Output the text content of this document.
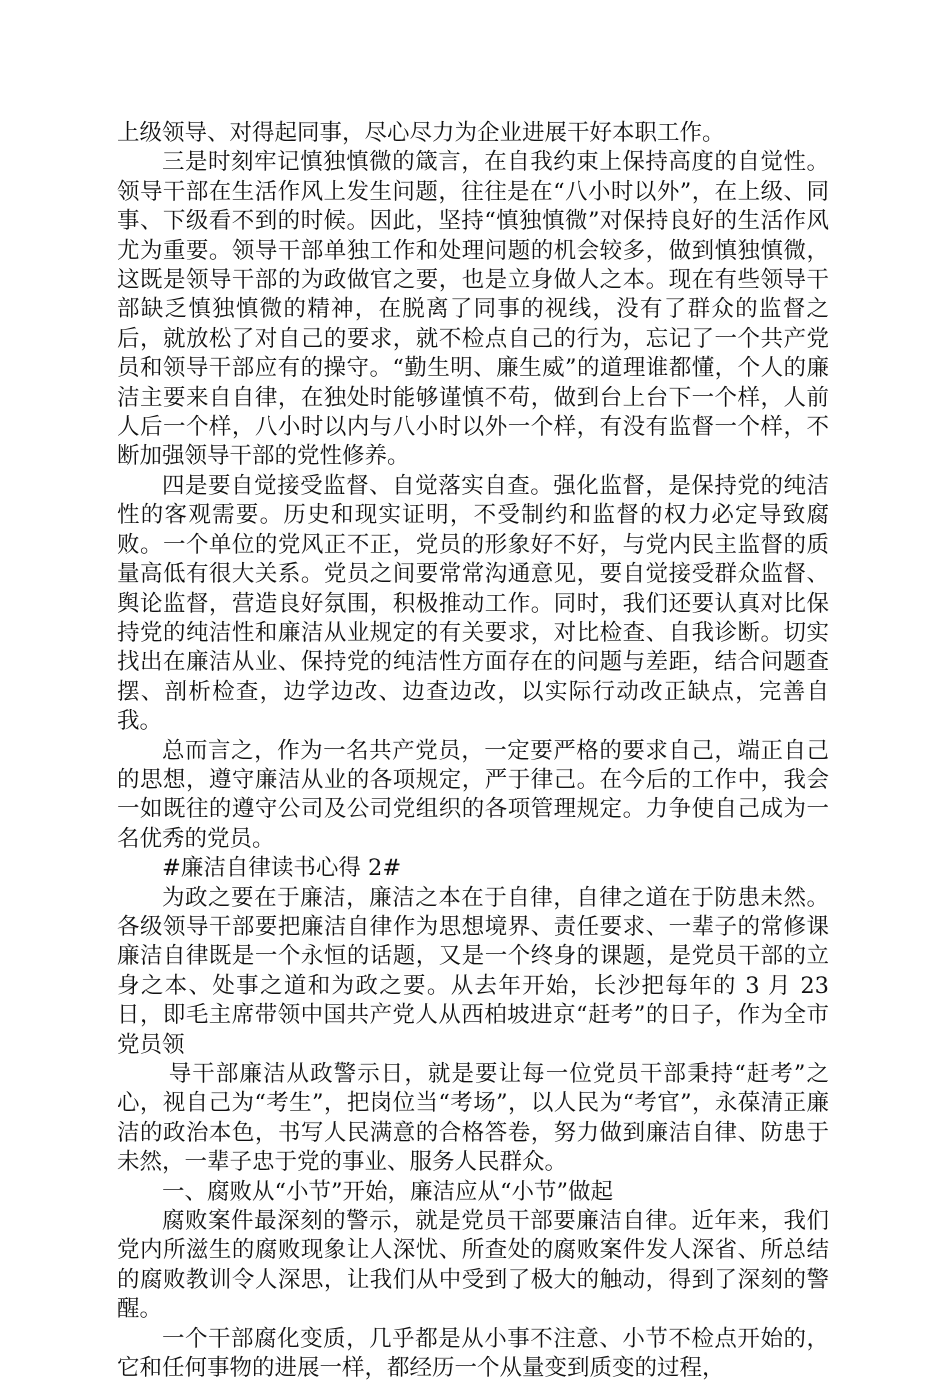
上级领导、对得起同事，尽心尽力为企业进展干好本职工作。

三是时刻牢记慎独慎微的箴言，在自我约束上保持高度的自觉性。领导干部在生活作风上发生问题，往往是在“八小时以外”，在上级、同事、下级看不到的时候。因此，坚持“慎独慎微”对保持良好的生活作风尤为重要。领导干部单独工作和处理问题的机会较多，做到慎独慎微，这既是领导干部的为政做官之要，也是立身做人之本。现在有些领导干部缺乏慎独慎微的精神，在脱离了同事的视线，没有了群众的监督之后，就放松了对自己的要求，就不检点自己的行为，忘记了一个共产党员和领导干部应有的操守。“勤生明、廉生威”的道理谁都懂，个人的廉洁主要来自自律，在独处时能够谨慎不苟，做到台上台下一个样，人前人后一个样，八小时以内与八小时以外一个样，有没有监督一个样，不断加强领导干部的党性修养。

四是要自觉接受监督、自觉落实自查。强化监督，是保持党的纯洁性的客观需要。历史和现实证明，不受制约和监督的权力必定导致腐败。一个单位的党风正不正，党员的形象好不好，与党内民主监督的质量高低有很大关系。党员之间要常常沟通意见，要自觉接受群众监督、舆论监督，营造良好氛围，积极推动工作。同时，我们还要认真对比保持党的纯洁性和廉洁从业规定的有关要求，对比检查、自我诊断。切实找出在廉洁从业、保持党的纯洁性方面存在的问题与差距，结合问题查摆、剖析检查，边学边改、边查边改，以实际行动改正缺点，完善自我。

总而言之，作为一名共产党员，一定要严格的要求自己，端正自己的思想，遵守廉洁从业的各项规定，严于律己。在今后的工作中，我会一如既往的遵守公司及公司党组织的各项管理规定。力争使自己成为一名优秀的党员。

#廉洁自律读书心得 2#

为政之要在于廉洁，廉洁之本在于自律，自律之道在于防患未然。各级领导干部要把廉洁自律作为思想境界、责任要求、一辈子的常修课廉洁自律既是一个永恒的话题，又是一个终身的课题，是党员干部的立身之本、处事之道和为政之要。从去年开始，长沙把每年的 3 月 23 日，即毛主席带领中国共产党人从西柏坡进京“赶考”的日子，作为全市党员领

导干部廉洁从政警示日，就是要让每一位党员干部秉持“赶考”之心，视自己为“考生”，把岗位当“考场”，以人民为“考官”，永葆清正廉洁的政治本色，书写人民满意的合格答卷，努力做到廉洁自律、防患于未然，一辈子忠于党的事业、服务人民群众。

一、腐败从“小节”开始，廉洁应从“小节”做起

腐败案件最深刻的警示，就是党员干部要廉洁自律。近年来，我们党内所滋生的腐败现象让人深忧、所查处的腐败案件发人深省、所总结的腐败教训令人深思，让我们从中受到了极大的触动，得到了深刻的警醒。

一个干部腐化变质，几乎都是从小事不注意、小节不检点开始的，它和任何事物的进展一样，都经历一个从量变到质变的过程，
